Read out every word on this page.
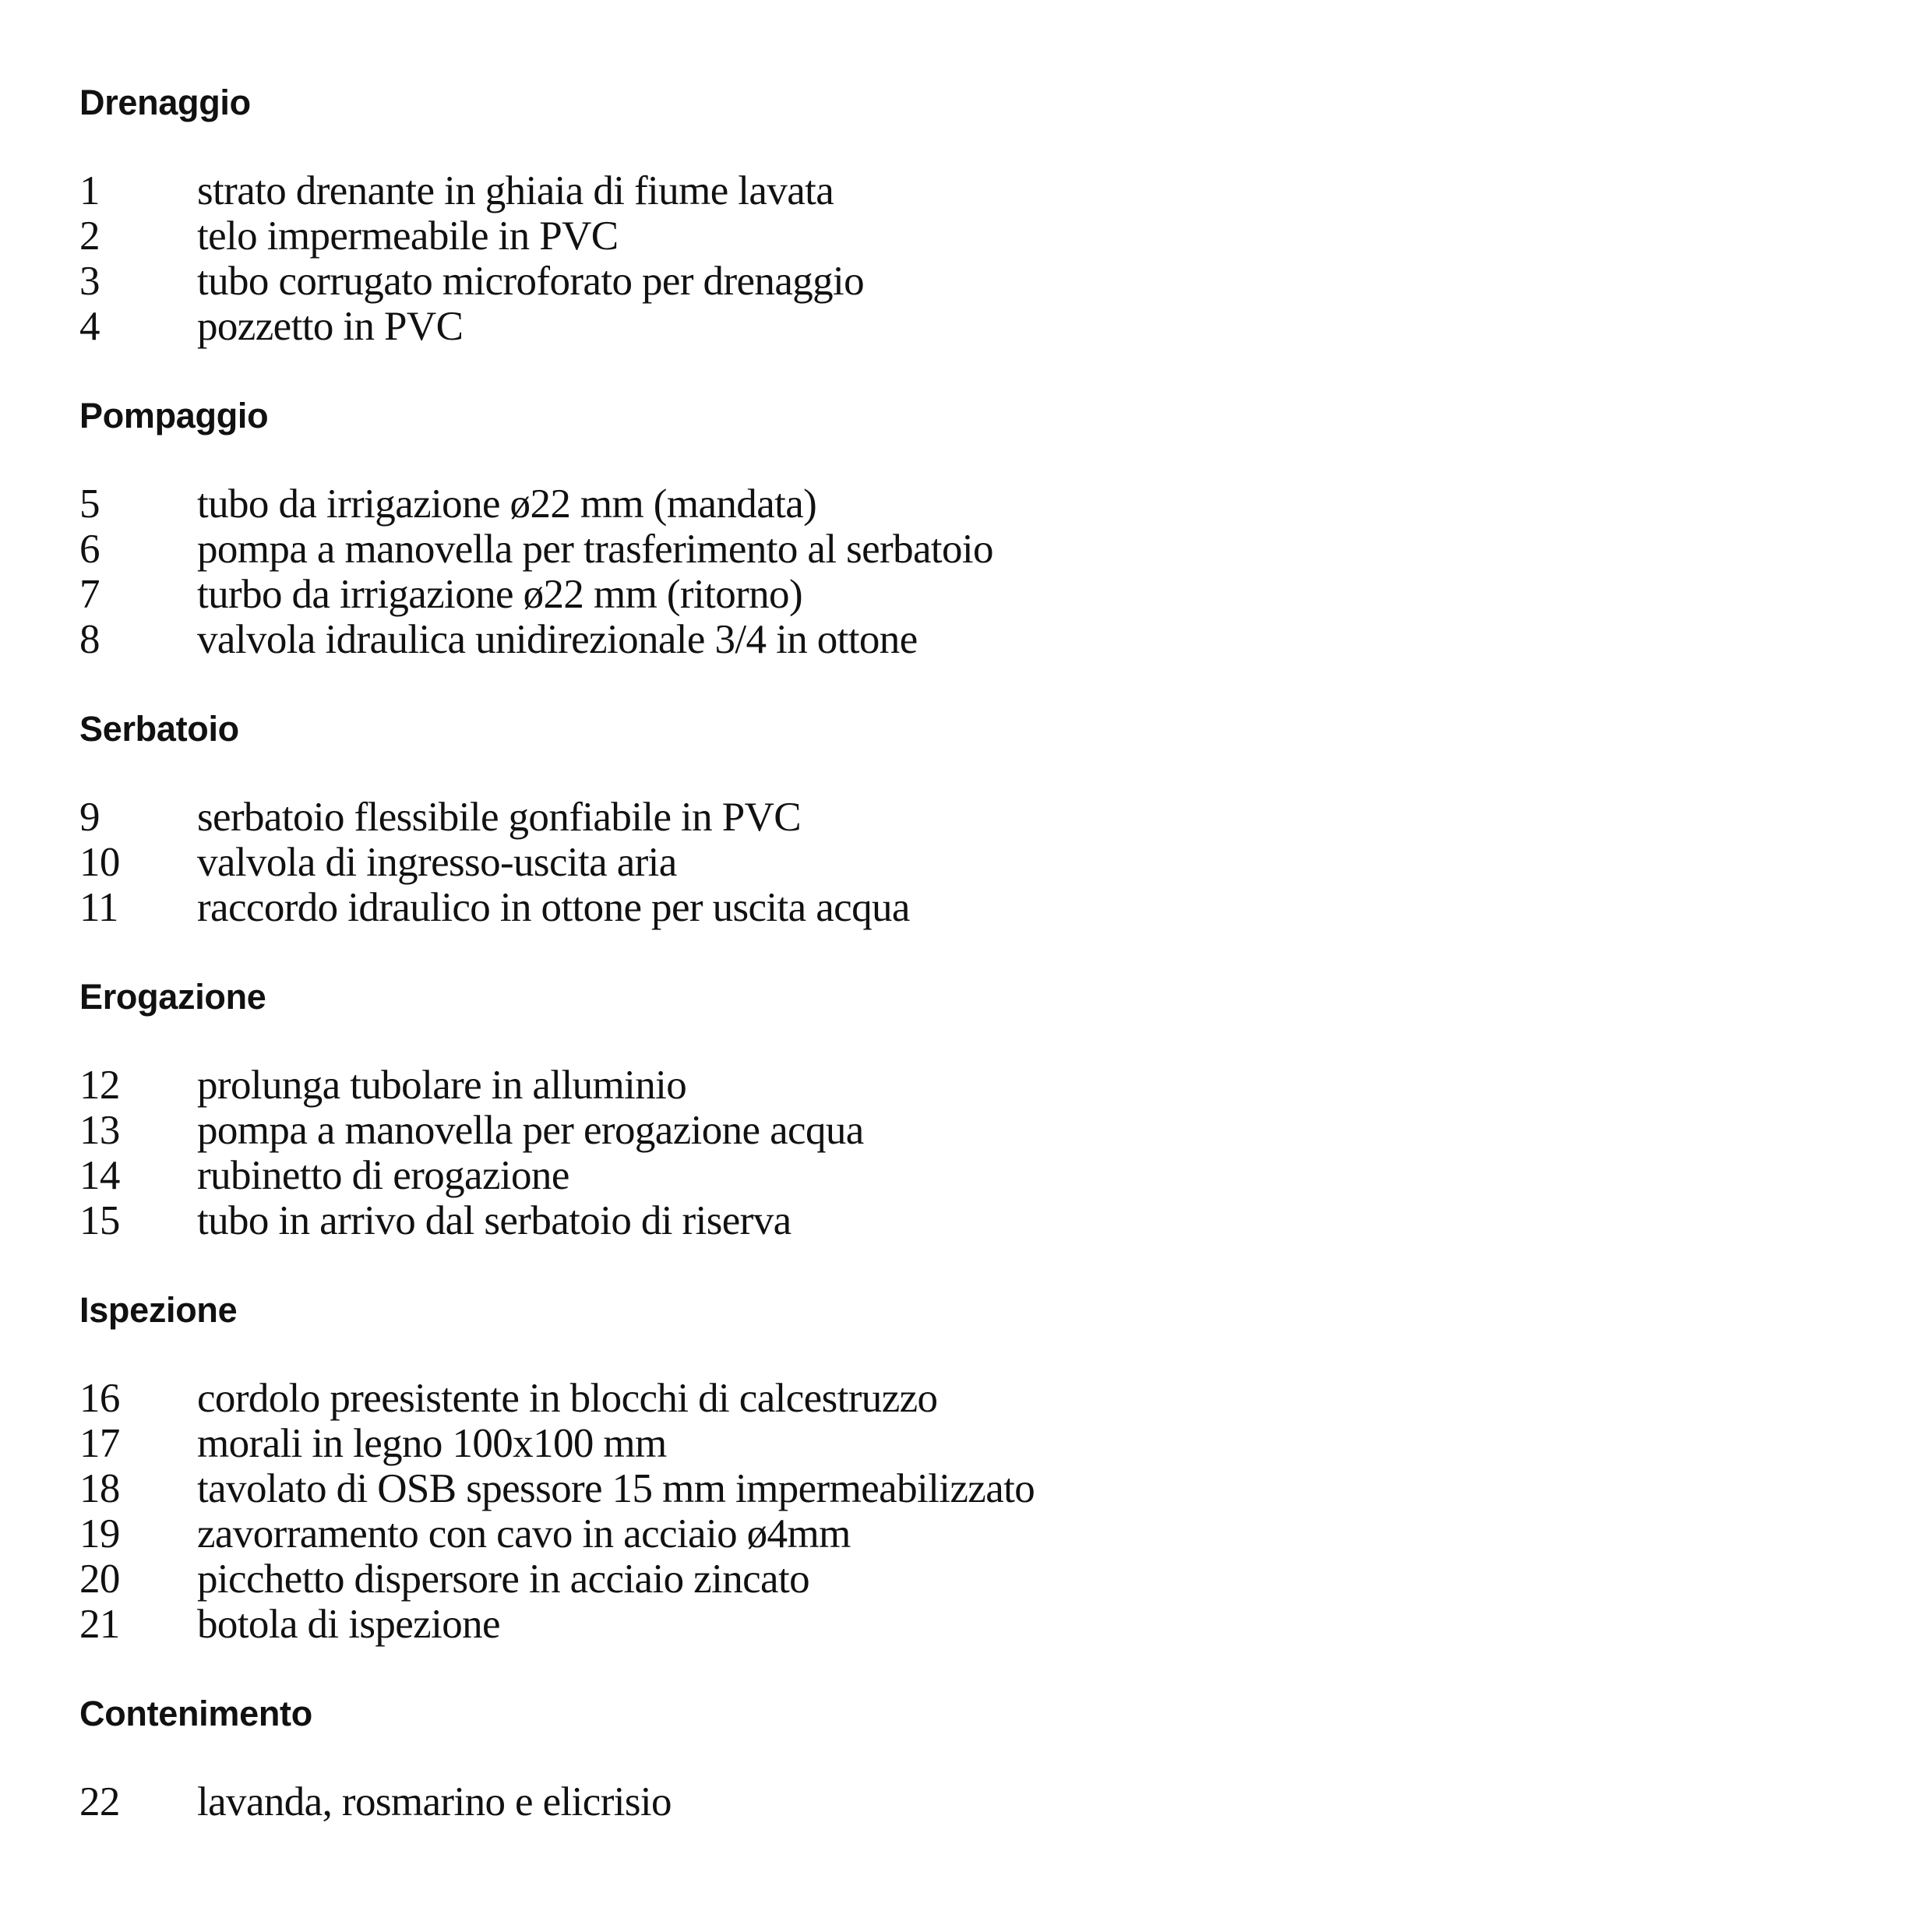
Drenaggio
1	strato drenante in ghiaia di fiume lavata
2	telo impermeabile in PVC
3	tubo corrugato microforato per drenaggio
4	pozzetto in PVC
Pompaggio
5	tubo da irrigazione ø22 mm (mandata)
6	pompa a manovella per trasferimento al serbatoio
7	turbo da irrigazione ø22 mm (ritorno)
8	valvola idraulica unidirezionale 3/4 in ottone
Serbatoio
9	serbatoio flessibile gonfiabile in PVC
10	valvola di ingresso-uscita aria
11	raccordo idraulico in ottone per uscita acqua
Erogazione
12	prolunga tubolare in alluminio
13	pompa a manovella per erogazione acqua
14	rubinetto di erogazione
15	tubo in arrivo dal serbatoio di riserva
Ispezione
16	cordolo preesistente in blocchi di calcestruzzo
17	morali in legno 100x100 mm
18	tavolato di OSB spessore 15 mm impermeabilizzato
19	zavorramento con cavo in acciaio ø4mm
20	picchetto dispersore in acciaio zincato
21	botola di ispezione
Contenimento
22	lavanda, rosmarino e elicrisio
